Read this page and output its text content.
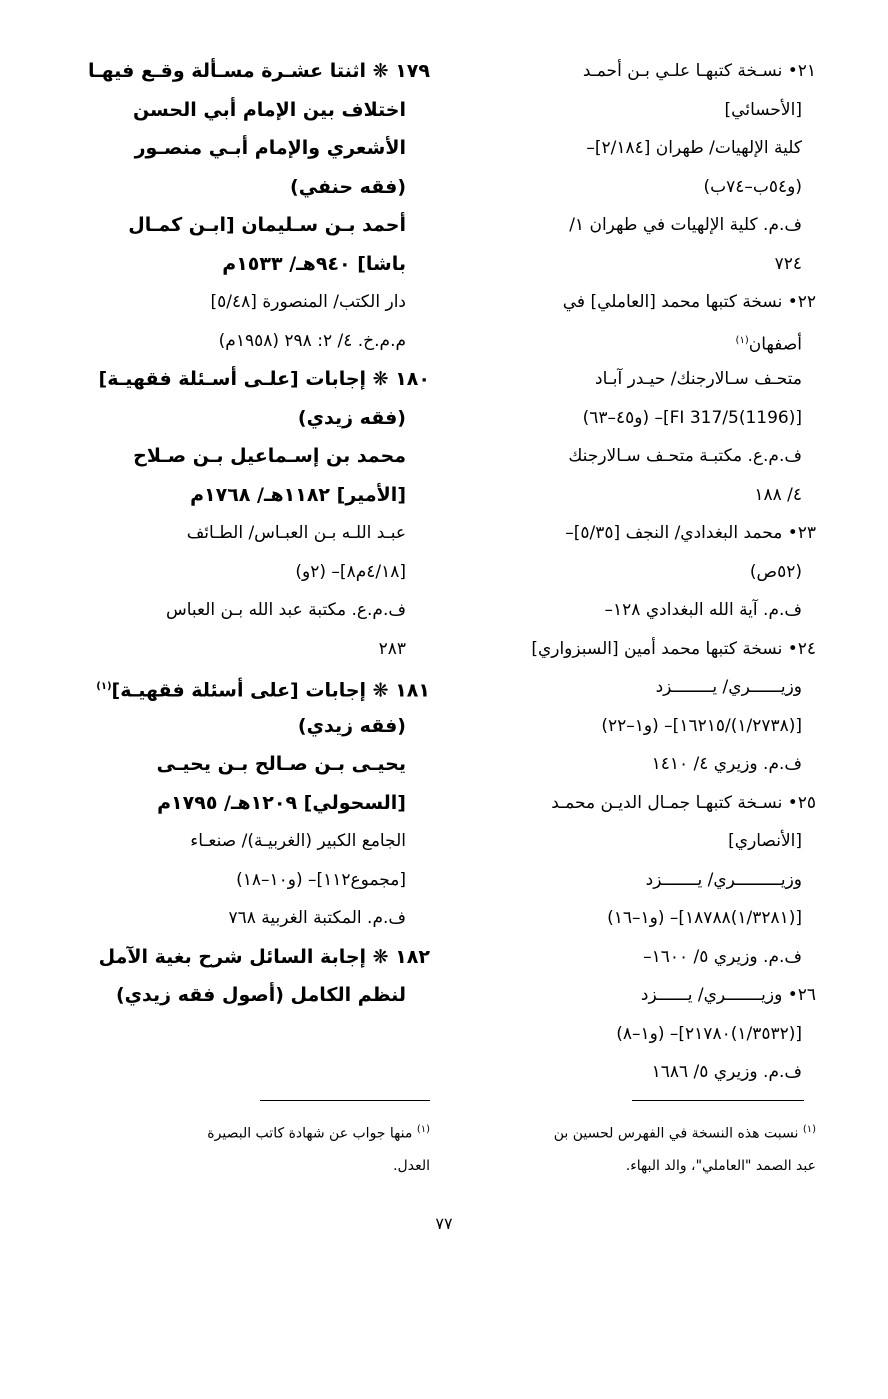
٢١• نسـخة كتبهـا علـي بـن أحمـد
[الأحسائي]
كلية الإلهيات/ طهران [٢/١٨٤]–
(و٥٤ب–٧٤ب)
ف.م. كلية الإلهيات في طهران ١/
٧٢٤
٢٢• نسخة كتبها محمد [العاملي] في
أصفهان$^{(١)}$
متحـف سـالارجنك/ حيـدر آبـاد
[(1196)FI 317/5]– (و٤٥–٦٣)
ف.م.ع. مكتبـة متحـف سـالارجنك
٤/ ١٨٨
٢٣• محمد البغدادي/ النجف [٥/٣٥]–
(٥٢ص)
ف.م. آية الله البغدادي ١٢٨–
٢٤• نسخة كتبها محمد أمين [السبزواري]
وزيــــــري/ يــــــــزد
[(١/٢٧٣٨)/١٦٢١٥]– (و١–٢٢)
ف.م. وزيري ٤/ ١٤١٠
٢٥• نسـخة كتبهـا جمـال الديـن محمـد
[الأنصاري]
وزيـــــــــري/ يـــــــزد
[(١/٣٢٨١)١٨٧٨٨]– (و١–١٦)
ف.م. وزيري ٥/ ١٦٠٠–
٢٦• وزيـــــــري/ يــــــزد
[(١/٣٥٣٢)٢١٧٨٠]– (و١–٨)
ف.م. وزيري ٥/ ١٦٨٦
١٧٩ ❋ اثنتا عشـرة مسـألة وقـع فيهـا
اختلاف بين الإمام أبي الحسن
الأشعري والإمام أبـي منصـور
(فقه حنفي)
أحمد بـن سـليمان [ابـن كمـال
باشا] ٩٤٠هـ/ ١٥٣٣م
دار الكتب/ المنصورة [٥/٤٨]
م.م.خ. ٤/ ٢: ٢٩٨ (١٩٥٨م)
١٨٠ ❋ إجابات [علـى أسـئلة فقهيـة]
(فقه زيدي)
محمد بن إسـماعيل بـن صـلاح
[الأمير] ١١٨٢هـ/ ١٧٦٨م
عبـد اللـه بـن العبـاس/ الطـائف
[٤/١٨م٨]– (٢و)
ف.م.ع. مكتبة عبد الله بـن العباس
٢٨٣
١٨١ ❋ إجابات [على أسئلة فقهيـة]$^{(١)}$
(فقه زيدي)
يحيـى بـن صـالح بـن يحيـى
[السحولي] ١٢٠٩هـ/ ١٧٩٥م
الجامع الكبير (الغربيـة)/ صنعـاء
[مجموع١١٢]– (و١٠–١٨)
ف.م. المكتبة الغربية ٧٦٨
١٨٢ ❋ إجابة السائل شرح بغية الآمل
لنظم الكامل (أصول فقه زيدي)
$^{(١)}$ نسبت هذه النسخة في الفهرس لحسين بن
عبد الصمد "العاملي"، والد البهاء.
$^{(١)}$ منها جواب عن شهادة كاتب البصيرة
العدل.
٧٧
